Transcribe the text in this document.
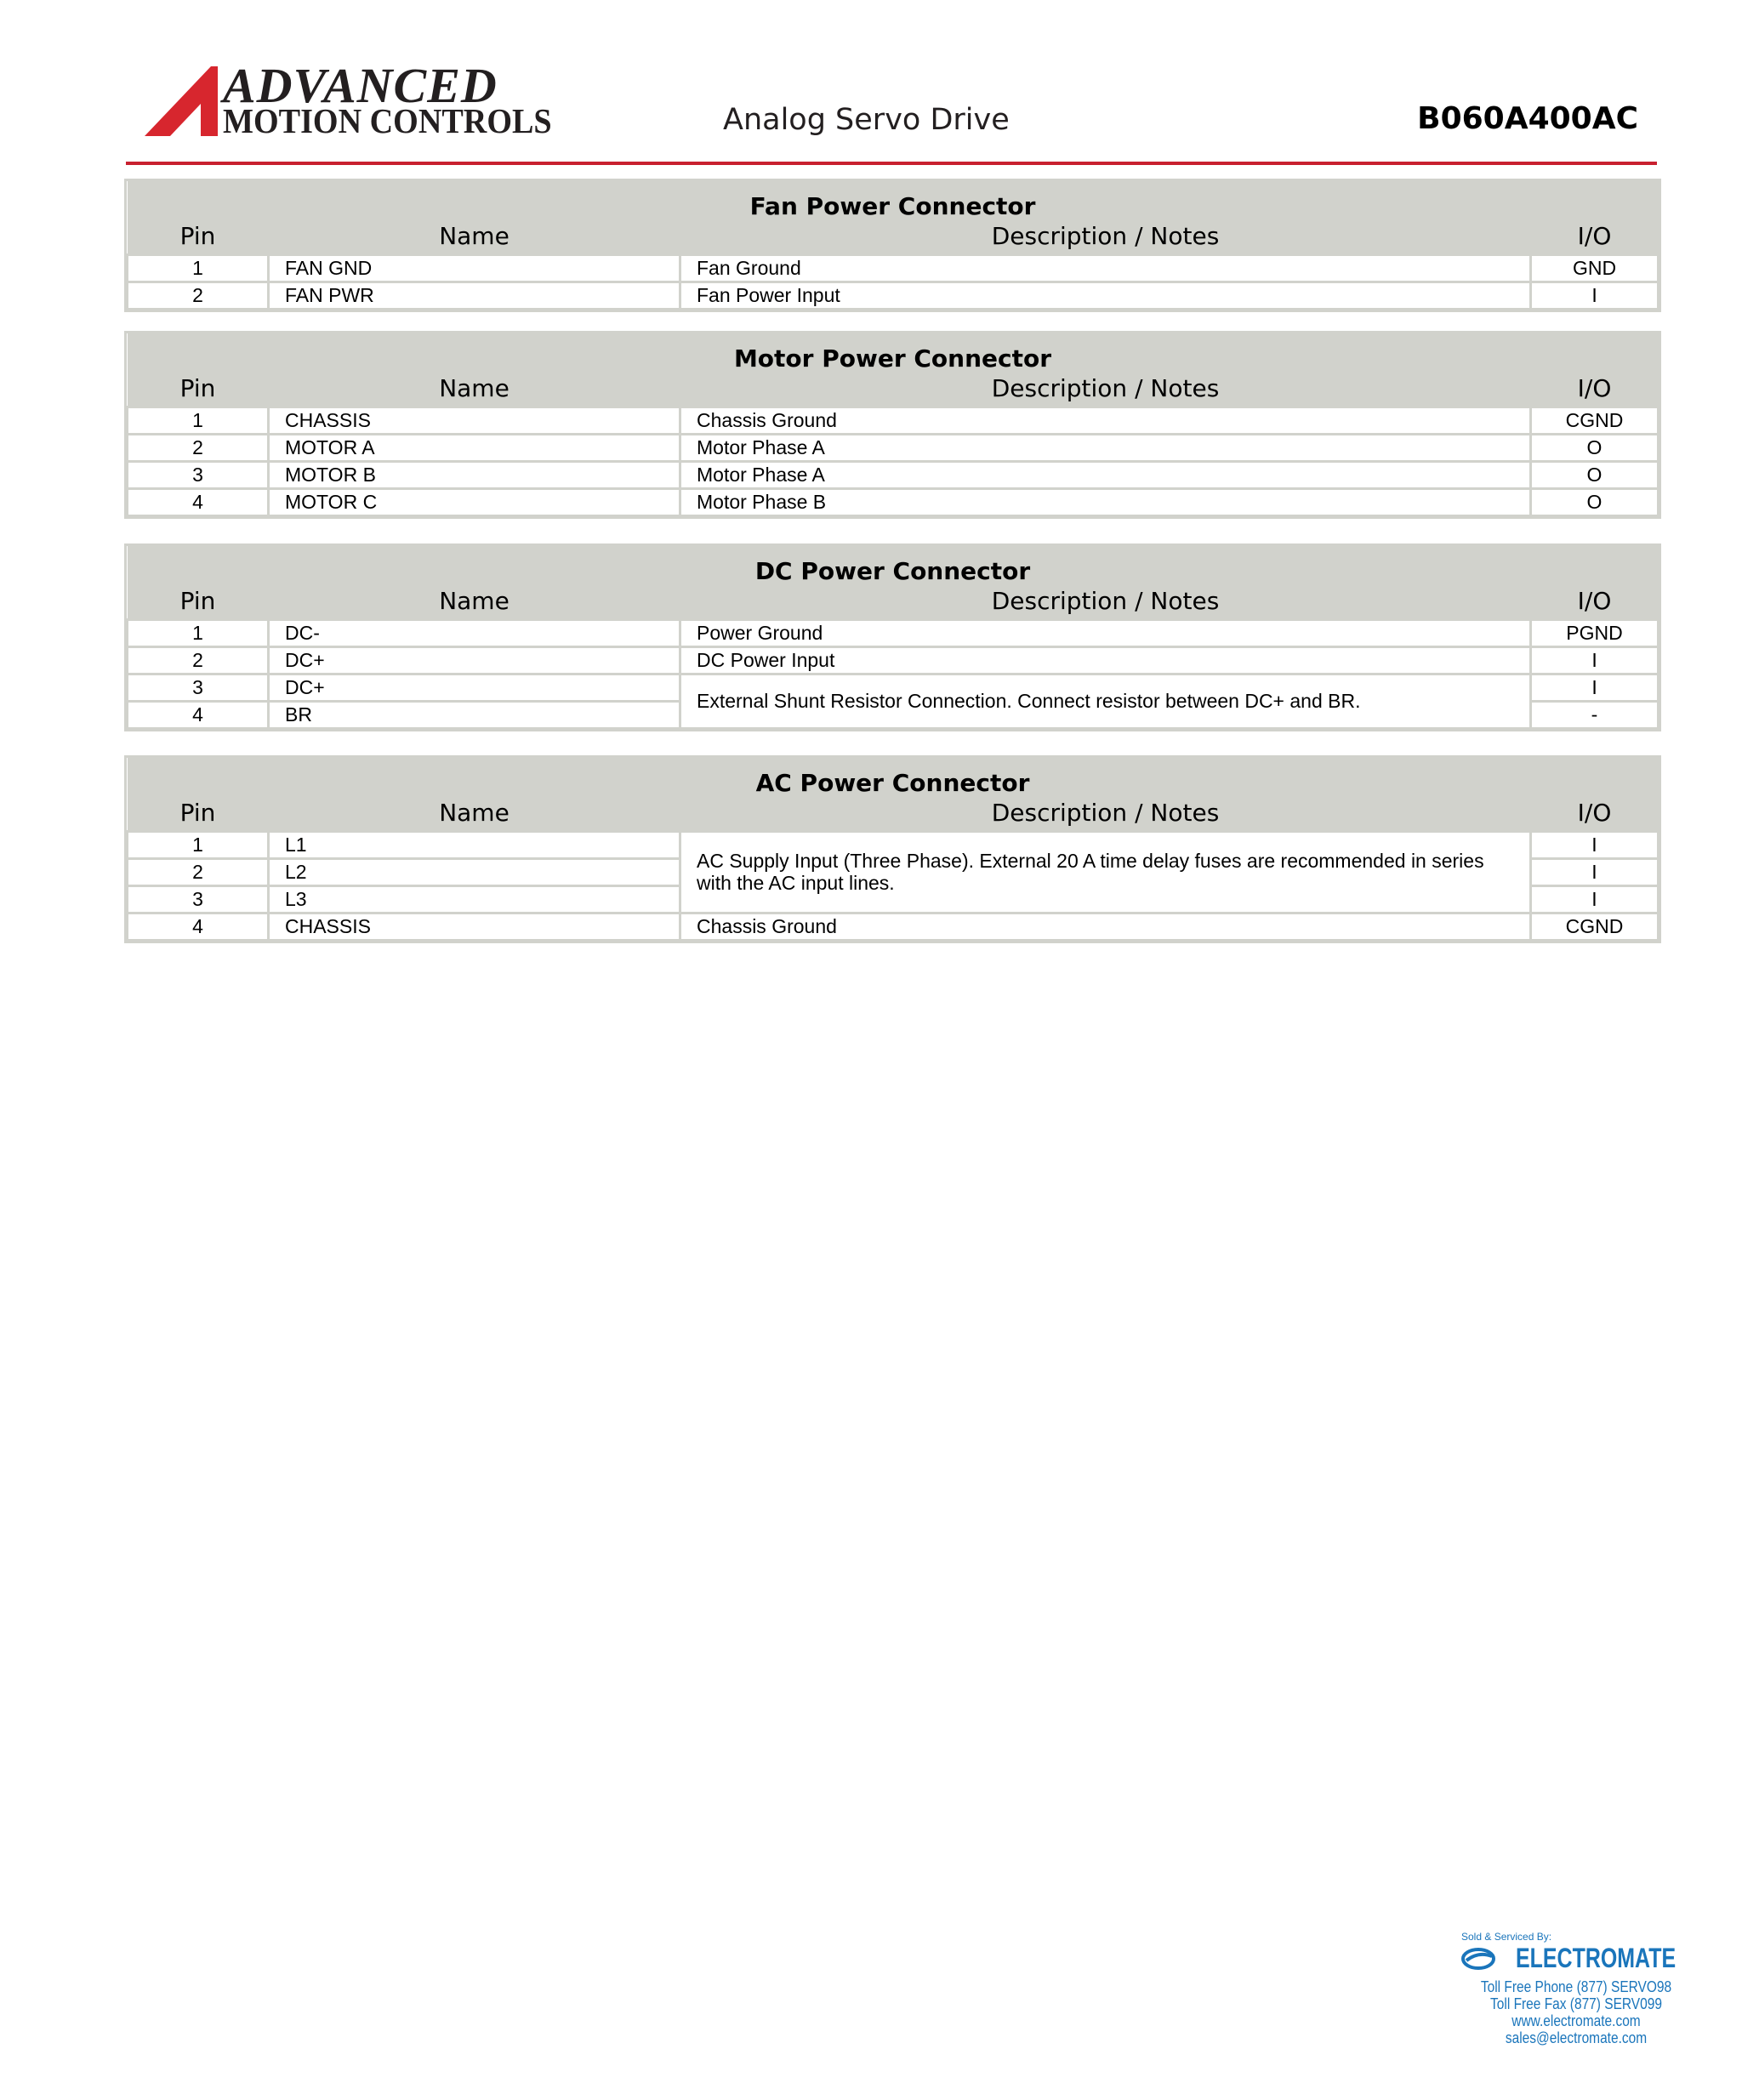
ADVANCED
MOTION CONTROLS	Analog Servo Drive	B060A400AC
Fan Power Connector			
Pin	Name	Description / Notes	I/O
1	FAN GND	Fan Ground	GND
2	FAN PWR	Fan Power Input	I
Motor Power Connector			
Pin	Name	Description / Notes	I/O
1	CHASSIS	Chassis Ground	CGND
2	MOTOR A	Motor Phase A	O
3	MOTOR B	Motor Phase A	O
4	MOTOR C	Motor Phase B	O
DC Power Connector			
Pin	Name	Description / Notes	I/O
1	DC-	Power Ground	PGND
2	DC+	DC Power Input	I
3	DC+	External Shunt Resistor Connection. Connect resistor between DC+ and BR.	I
4	BR		-
AC Power Connector			
Pin	Name	Description / Notes	I/O
1	L1	AC Supply Input (Three Phase). External 20 A time delay fuses are recommended in series with the AC input lines.	I
2	L2		I
3	L3		I
4	CHASSIS	Chassis Ground	CGND
Sold & Serviced By:
ELECTROMATE
Toll Free Phone (877) SERVO98
Toll Free Fax (877) SERV099
www.electromate.com
sales@electromate.com
